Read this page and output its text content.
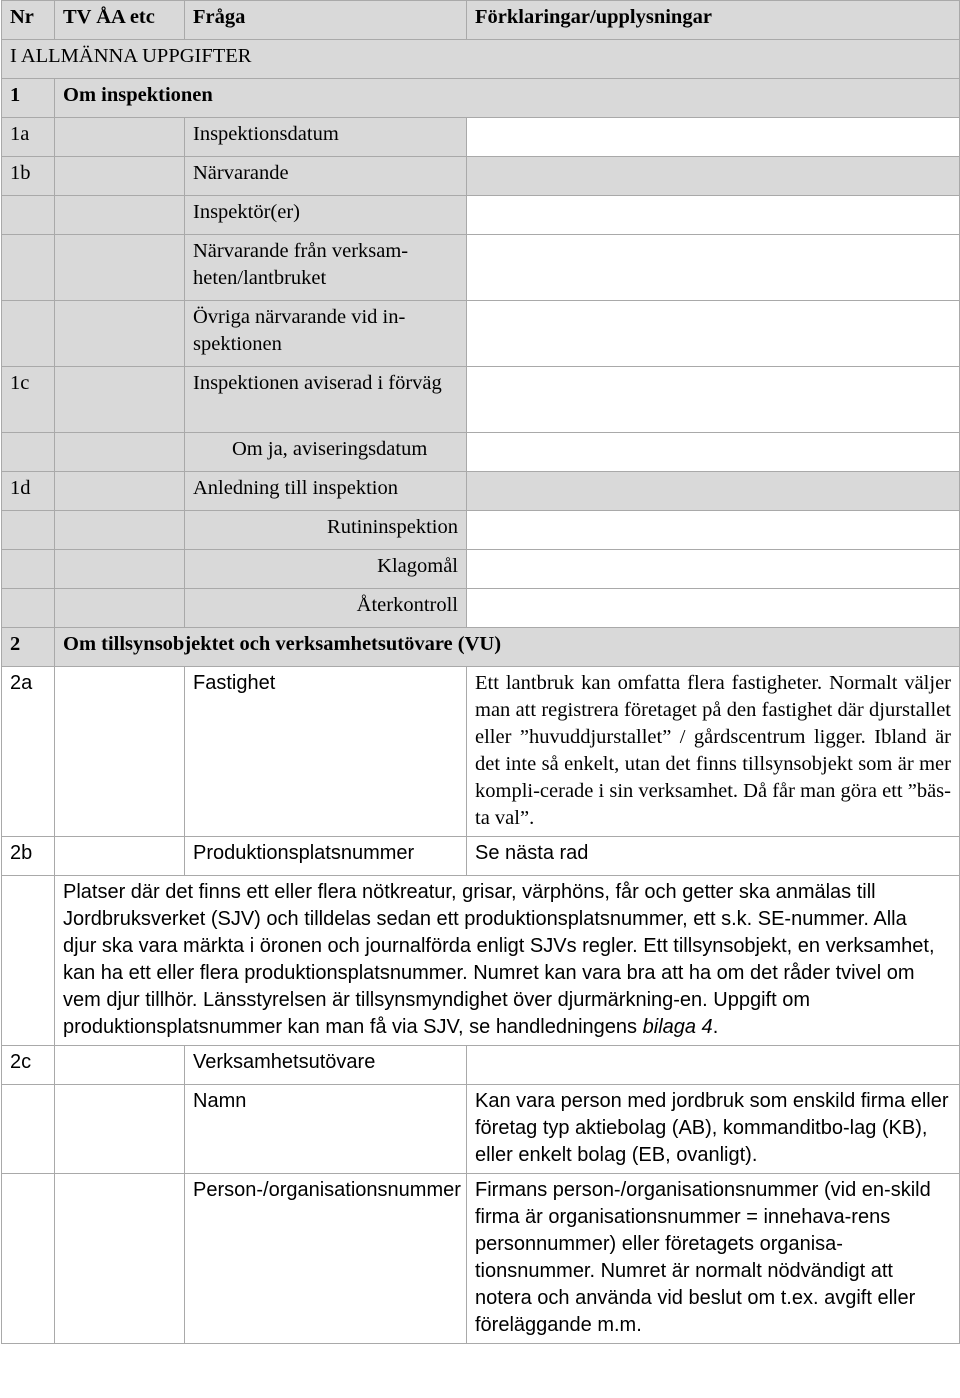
Nr	TV ÅA etc	Fråga	Förklaringar/upplysningar
I ALLMÄNNA UPPGIFTER			
1	Om inspektionen		
1a		Inspektionsdatum	
1b		Närvarande	
		Inspektör(er)	
		Närvarande från verksam-heten/lantbruket	
		Övriga närvarande vid in-spektionen	
1c		Inspektionen aviserad i förväg	
		Om ja, aviseringsdatum	
1d		Anledning till inspektion	
		Rutininspektion	
		Klagomål	
		Återkontroll	
2	Om tillsynsobjektet och verksamhetsutövare (VU)		
2a		Fastighet	Ett lantbruk kan omfatta flera fastigheter. Normalt väljer man att registrera företaget på den fastighet där djurstallet eller ”huvuddjurstallet” / gårdscentrum ligger. Ibland är det inte så enkelt, utan det finns tillsynsobjekt som är mer kompli-cerade i sin verksamhet. Då får man göra ett ”bäs-ta val”.
2b		Produktionsplatsnummer	Se nästa rad
	Platser där det finns ett eller flera nötkreatur, grisar, värphöns, får och getter ska anmälas till Jordbruksverket (SJV) och tilldelas sedan ett produktionsplatsnummer, ett s.k. SE-nummer. Alla djur ska vara märkta i öronen och journalförda enligt SJVs regler. Ett tillsynsobjekt, en verksamhet, kan ha ett eller flera produktionsplatsnummer. Numret kan vara bra att ha om det råder tvivel om vem djur tillhör. Länsstyrelsen är tillsynsmyndighet över djurmärkning-en. Uppgift om produktionsplatsnummer kan man få via SJV, se handledningens bilaga 4.		
2c		Verksamhetsutövare	
		Namn	Kan vara person med jordbruk som enskild firma eller företag typ aktiebolag (AB), kommanditbo-lag (KB), eller enkelt bolag (EB, ovanligt).
		Person-/organisationsnummer	Firmans person-/organisationsnummer (vid en-skild firma är organisationsnummer = innehava-rens personnummer) eller företagets organisa-tionsnummer. Numret är normalt nödvändigt att notera och använda vid beslut om t.ex. avgift eller föreläggande m.m.
